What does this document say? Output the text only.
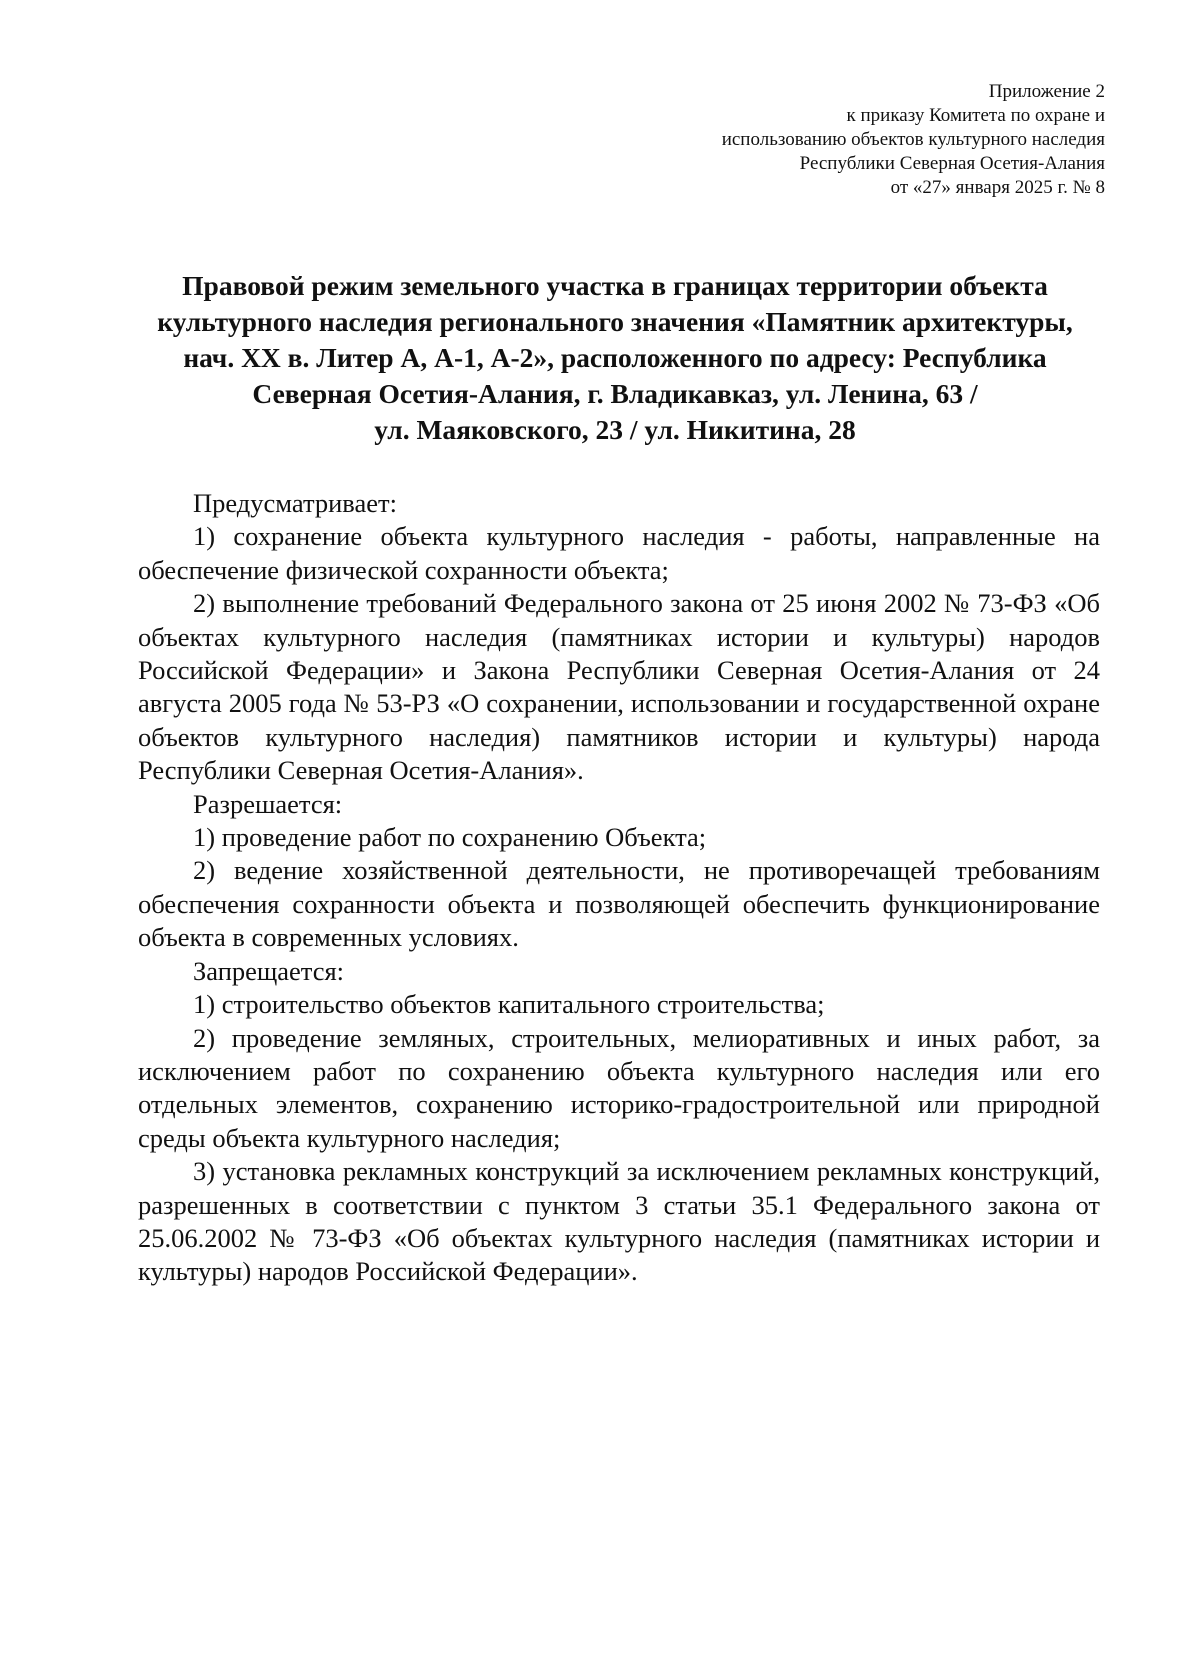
Приложение 2
к приказу Комитета по охране и
использованию объектов культурного наследия
Республики Северная Осетия-Алания
от «27» января 2025 г. № 8
Правовой режим земельного участка в границах территории объекта
культурного наследия регионального значения «Памятник архитектуры,
нач. XX в. Литер А, А-1, А-2», расположенного по адресу: Республика
Северная Осетия-Алания, г. Владикавказ, ул. Ленина, 63 /
ул. Маяковского, 23 / ул. Никитина, 28

Предусматривает:

1) сохранение объекта культурного наследия - работы, направленные на обеспечение физической сохранности объекта;

2) выполнение требований Федерального закона от 25 июня 2002 № 73-ФЗ «Об объектах культурного наследия (памятниках истории и культуры) народов Российской Федерации» и Закона Республики Северная Осетия-Алания от 24 августа 2005 года № 53-РЗ «О сохранении, использовании и государственной охране объектов культурного наследия) памятников истории и культуры) народа Республики Северная Осетия-Алания».

Разрешается:

1) проведение работ по сохранению Объекта;

2) ведение хозяйственной деятельности, не противоречащей требованиям обеспечения сохранности объекта и позволяющей обеспечить функционирование объекта в современных условиях.

Запрещается:

1) строительство объектов капитального строительства;

2) проведение земляных, строительных, мелиоративных и иных работ, за исключением работ по сохранению объекта культурного наследия или его отдельных элементов, сохранению историко-градостроительной или природной среды объекта культурного наследия;

3) установка рекламных конструкций за исключением рекламных конструкций, разрешенных в соответствии с пунктом 3 статьи 35.1 Федерального закона от 25.06.2002 № 73-ФЗ «Об объектах культурного наследия (памятниках истории и культуры) народов Российской Федерации».
